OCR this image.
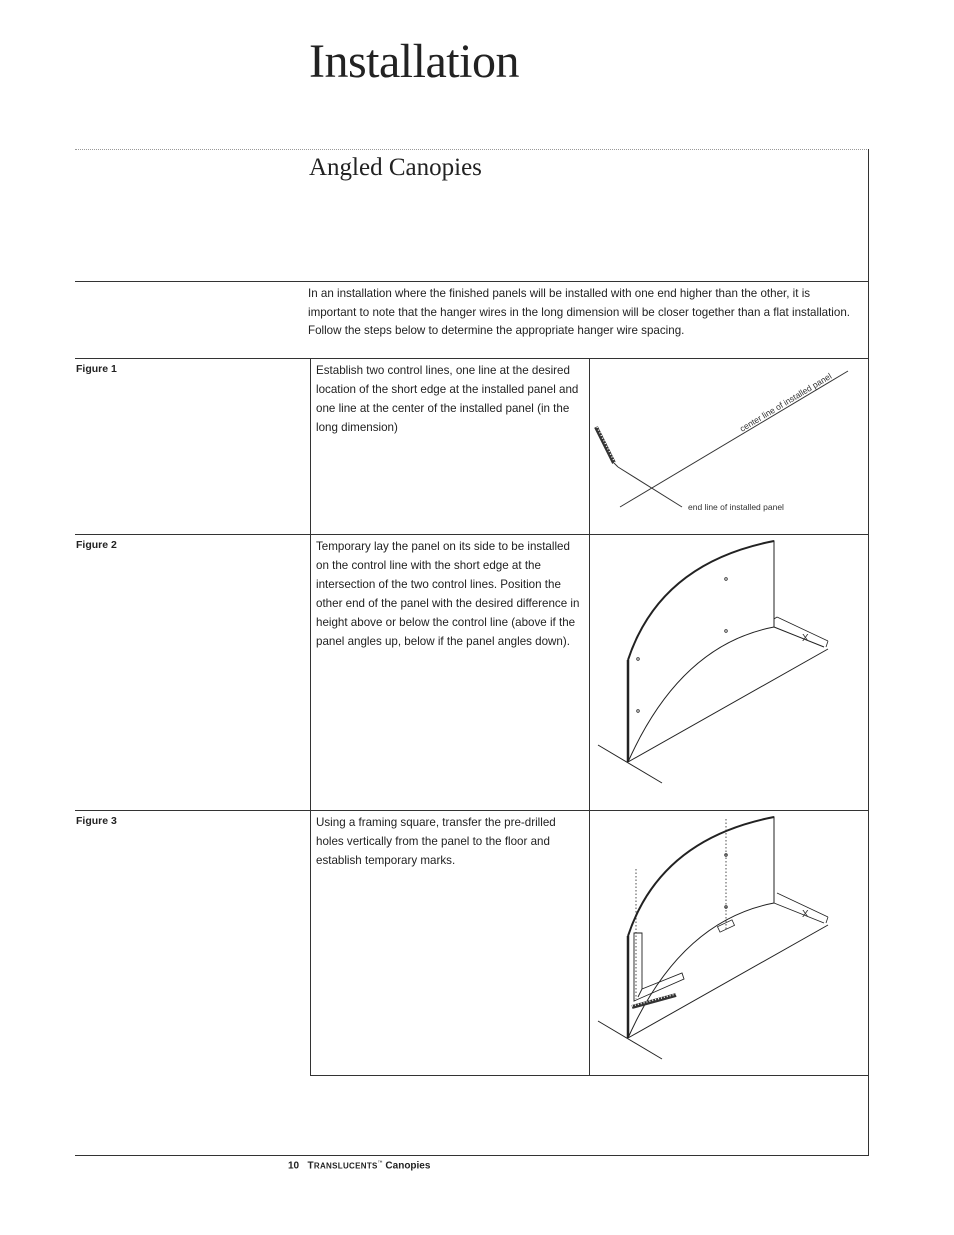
Installation
Angled Canopies
In an installation where the finished panels will be installed with one end higher than the other, it is important to note that the hanger wires in the long dimension will be closer together than a flat installation. Follow the steps below to determine the appropriate hanger wire spacing.
Figure 1	Establish two control lines, one line at the desired location of the short edge at the installed panel and one line at the center of the installed panel (in the long dimension)	center line of installed panel
end line of installed panel
Figure 2	Temporary lay the panel on its side to be installed on the control line with the short edge at the intersection of the two control lines. Position the other end of the panel with the desired difference in height above or below the control line (above if the panel angles up, below if the panel angles down).	X
Figure 3	Using a framing square, transfer the pre-drilled holes vertically from the panel to the floor and establish temporary marks.
X
10 TRANSLUCENTS™ Canopies
